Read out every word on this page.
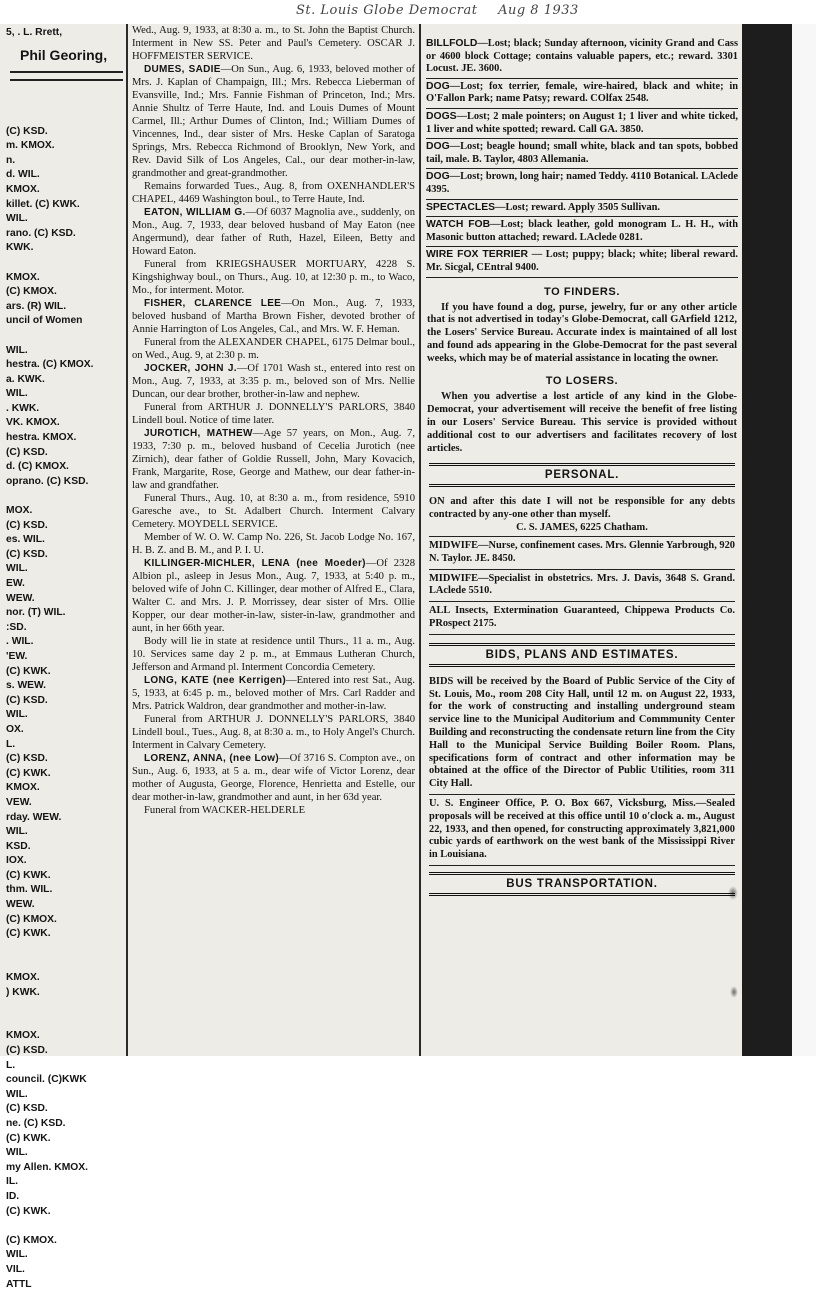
5, . L. Rrett,
Phil Georing,
(C) KSD.
m. KMOX.
n.
d. WIL.
KMOX.
killet. (C) KWK.
WIL.
rano. (C) KSD.
KWK.

KMOX.
(C) KMOX.
ars. (R) WIL.
uncil of Women

WIL.
hestra. (C) KMOX.
a. KWK.
WIL.
. KWK.
VK. KMOX.
hestra. KMOX.
(C) KSD.
d. (C) KMOX.
oprano. (C) KSD.

MOX.
(C) KSD.
es. WIL.
(C) KSD.
WIL.
EW.
WEW.
nor. (T) WIL.
:SD.
. WIL.
'EW.
(C) KWK.
s. WEW.
(C) KSD.
WIL.
OX.
L.
(C) KSD.
(C) KWK.
KMOX.
VEW.
rday. WEW.
WIL.
KSD.
IOX.
(C) KWK.
thm. WIL.
WEW.
(C) KMOX.
(C) KWK.

KMOX.
) KWK.

KMOX.
(C) KSD.
L.
council. (C)KWK
WIL.
(C) KSD.
ne. (C) KSD.
(C) KWK.
WIL.
my Allen. KMOX.
IL.
ID.
(C) KWK.

(C) KMOX.
WIL.
VIL.
ATTL

Wed., Aug. 9, 1933, at 8:30 a. m., to St. John the Baptist Church. Interment in New SS. Peter and Paul's Cemetery. OSCAR J. HOFFMEISTER SERVICE.

DUMES, SADIE—On Sun., Aug. 6, 1933, beloved mother of Mrs. J. Kaplan of Champaign, Ill.; Mrs. Rebecca Lieberman of Evansville, Ind.; Mrs. Fannie Fishman of Princeton, Ind.; Mrs. Annie Shultz of Terre Haute, Ind. and Louis Dumes of Mount Carmel, Ill.; Arthur Dumes of Clinton, Ind.; William Dumes of Vincennes, Ind., dear sister of Mrs. Heske Caplan of Saratoga Springs, Mrs. Rebecca Richmond of Brooklyn, New York, and Rev. David Silk of Los Angeles, Cal., our dear mother-in-law, grandmother and great-grandmother.

Remains forwarded Tues., Aug. 8, from OXENHANDLER'S CHAPEL, 4469 Washington boul., to Terre Haute, Ind.

EATON, WILLIAM G.—Of 6037 Magnolia ave., suddenly, on Mon., Aug. 7, 1933, dear beloved husband of May Eaton (nee Angermund), dear father of Ruth, Hazel, Eileen, Betty and Howard Eaton.

Funeral from KRIEGSHAUSER MORTUARY, 4228 S. Kingshighway boul., on Thurs., Aug. 10, at 12:30 p. m., to Waco, Mo., for interment. Motor.

FISHER, CLARENCE LEE—On Mon., Aug. 7, 1933, beloved husband of Martha Brown Fisher, devoted brother of Annie Harrington of Los Angeles, Cal., and Mrs. W. F. Heman.

Funeral from the ALEXANDER CHAPEL, 6175 Delmar boul., on Wed., Aug. 9, at 2:30 p. m.

JOCKER, JOHN J.—Of 1701 Wash st., entered into rest on Mon., Aug. 7, 1933, at 3:35 p. m., beloved son of Mrs. Nellie Duncan, our dear brother, brother-in-law and nephew.

Funeral from ARTHUR J. DONNELLY'S PARLORS, 3840 Lindell boul. Notice of time later.

JUROTICH, MATHEW—Age 57 years, on Mon., Aug. 7, 1933, 7:30 p. m., beloved husband of Cecelia Jurotich (nee Zirnich), dear father of Goldie Russell, John, Mary Kovacich, Frank, Margarite, Rose, George and Mathew, our dear father-in-law and grandfather.

Funeral Thurs., Aug. 10, at 8:30 a. m., from residence, 5910 Garesche ave., to St. Adalbert Church. Interment Calvary Cemetery. MOYDELL SERVICE.

Member of W. O. W. Camp No. 226, St. Jacob Lodge No. 167, H. B. Z. and B. M., and P. I. U.

KILLINGER-MICHLER, LENA (nee Moeder)—Of 2328 Albion pl., asleep in Jesus Mon., Aug. 7, 1933, at 5:40 p. m., beloved wife of John C. Killinger, dear mother of Alfred E., Clara, Walter C. and Mrs. J. P. Morrissey, dear sister of Mrs. Ollie Kopper, our dear mother-in-law, sister-in-law, grandmother and aunt, in her 66th year.

Body will lie in state at residence until Thurs., 11 a. m., Aug. 10. Services same day 2 p. m., at Emmaus Lutheran Church, Jefferson and Armand pl. Interment Concordia Cemetery.

LONG, KATE (nee Kerrigen)—Entered into rest Sat., Aug. 5, 1933, at 6:45 p. m., beloved mother of Mrs. Carl Radder and Mrs. Patrick Waldron, dear grandmother and mother-in-law.

Funeral from ARTHUR J. DONNELLY'S PARLORS, 3840 Lindell boul., Tues., Aug. 8, at 8:30 a. m., to Holy Angel's Church. Interment in Calvary Cemetery.

LORENZ, ANNA, (nee Low)—Of 3716 S. Compton ave., on Sun., Aug. 6, 1933, at 5 a. m., dear wife of Victor Lorenz, dear mother of Augusta, George, Florence, Henrietta and Estelle, our dear mother-in-law, grandmother and aunt, in her 63d year.

Funeral from WACKER-HELDERLE

BILLFOLD—Lost; black; Sunday afternoon, vicinity Grand and Cass or 4600 block Cottage; contains valuable papers, etc.; reward. 3301 Locust. JE. 3600.

DOG—Lost; fox terrier, female, wire-haired, black and white; in O'Fallon Park; name Patsy; reward. COlfax 2548.

DOGS—Lost; 2 male pointers; on August 1; 1 liver and white ticked, 1 liver and white spotted; reward. Call GA. 3850.

DOG—Lost; beagle hound; small white, black and tan spots, bobbed tail, male. B. Taylor, 4803 Allemania.

DOG—Lost; brown, long hair; named Teddy. 4110 Botanical. LAclede 4395.

SPECTACLES—Lost; reward. Apply 3505 Sullivan.

WATCH FOB—Lost; black leather, gold monogram L. H. H., with Masonic button attached; reward. LAclede 0281.

WIRE FOX TERRIER — Lost; puppy; black; white; liberal reward. Mr. Sicgal, CEntral 9400.

TO FINDERS.

If you have found a dog, purse, jewelry, fur or any other article that is not advertised in today's Globe-Democrat, call GArfield 1212, the Losers' Service Bureau. Accurate index is maintained of all lost and found ads appearing in the Globe-Democrat for the past several weeks, which may be of material assistance in locating the owner.

TO LOSERS.

When you advertise a lost article of any kind in the Globe-Democrat, your advertisement will receive the benefit of free listing in our Losers' Service Bureau. This service is provided without additional cost to our advertisers and facilitates recovery of lost articles.

PERSONAL.

ON and after this date I will not be responsible for any debts contracted by any-one other than myself.

C. S. JAMES, 6225 Chatham.

MIDWIFE—Nurse, confinement cases. Mrs. Glennie Yarbrough, 920 N. Taylor. JE. 8450.

MIDWIFE—Specialist in obstetrics. Mrs. J. Davis, 3648 S. Grand. LAclede 5510.

ALL Insects, Extermination Guaranteed, Chippewa Products Co. PRospect 2175.

BIDS, PLANS AND ESTIMATES.

BIDS will be received by the Board of Public Service of the City of St. Louis, Mo., room 208 City Hall, until 12 m. on August 22, 1933, for the work of constructing and installing underground steam service line to the Municipal Auditorium and Commmunity Center Building and reconstructing the condensate return line from the City Hall to the Municipal Service Building Boiler Room. Plans, specifications form of contract and other information may be obtained at the office of the Director of Public Utilities, room 311 City Hall.

U. S. Engineer Office, P. O. Box 667, Vicksburg, Miss.—Sealed proposals will be received at this office until 10 o'clock a. m., August 22, 1933, and then opened, for constructing approximately 3,821,000 cubic yards of earthwork on the west bank of the Mississippi River in Louisiana.

BUS TRANSPORTATION.
St. Louis Globe Democrat Aug 8 1933
